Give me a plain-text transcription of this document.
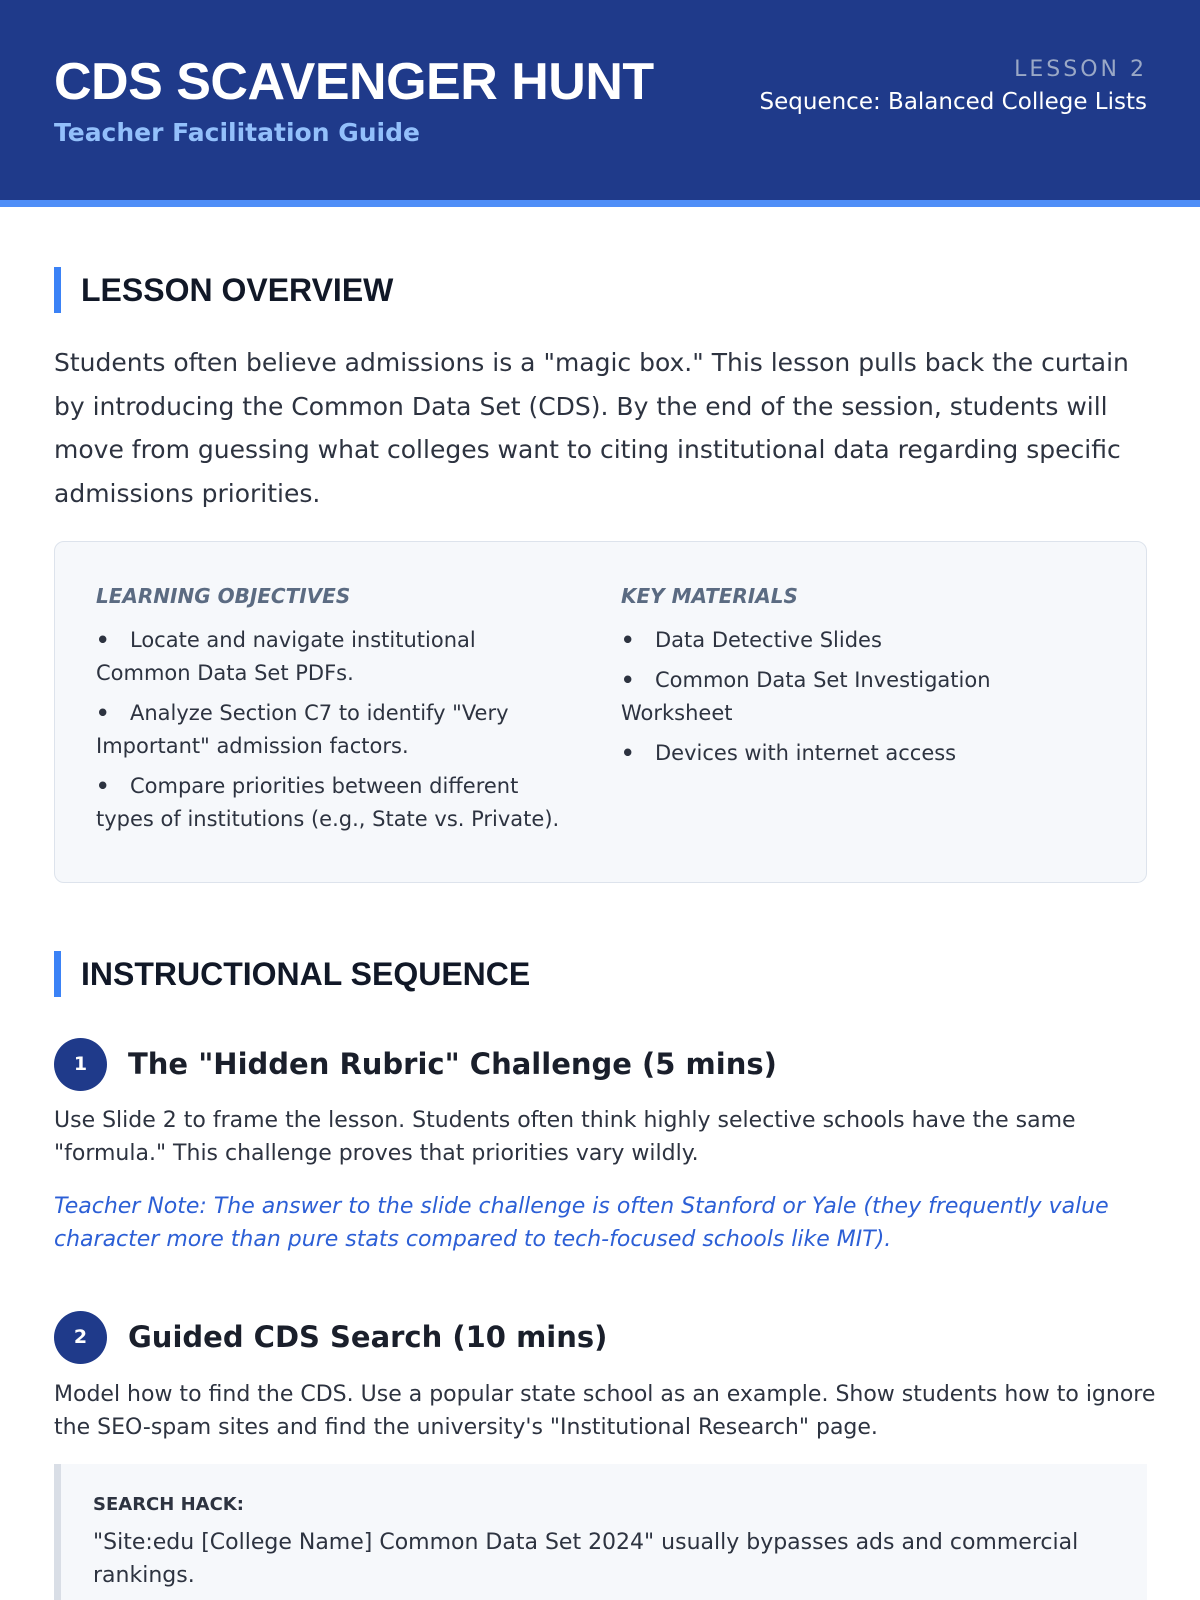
CDS SCAVENGER HUNT
Teacher Facilitation Guide
LESSON 2
Sequence: Balanced College Lists
LESSON OVERVIEW

Students often believe admissions is a "magic box." This lesson pulls back the curtain by introducing the Common Data Set (CDS). By the end of the session, students will move from guessing what colleges want to citing institutional data regarding specific admissions priorities.

LEARNING OBJECTIVES
• Locate and navigate institutional Common Data Set PDFs.
• Analyze Section C7 to identify "Very Important" admission factors.
• Compare priorities between different types of institutions (e.g., State vs. Private).
KEY MATERIALS
• Data Detective Slides
• Common Data Set Investigation Worksheet
• Devices with internet access
INSTRUCTIONAL SEQUENCE
1	The "Hidden Rubric" Challenge (5 mins)

Use Slide 2 to frame the lesson. Students often think highly selective schools have the same "formula." This challenge proves that priorities vary wildly.

Teacher Note: The answer to the slide challenge is often Stanford or Yale (they frequently value character more than pure stats compared to tech-focused schools like MIT).

2	Guided CDS Search (10 mins)

Model how to find the CDS. Use a popular state school as an example. Show students how to ignore the SEO-spam sites and find the university's "Institutional Research" page.

SEARCH HACK:
"Site:edu [College Name] Common Data Set 2024" usually bypasses ads and commercial rankings.
